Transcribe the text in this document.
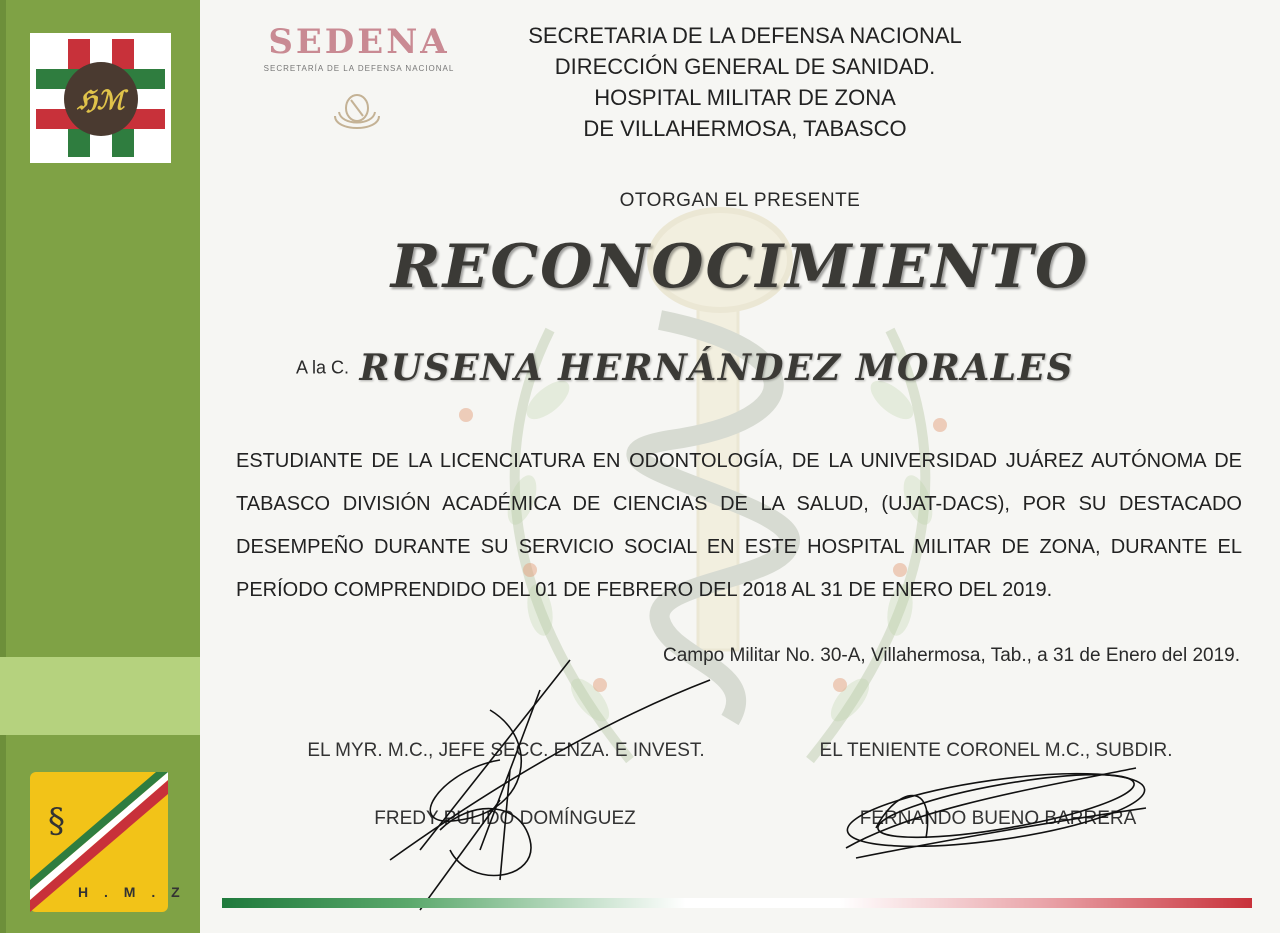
ℌℳ
§
H . M . Z
SEDENA
SECRETARÍA DE LA DEFENSA NACIONAL
SECRETARIA DE LA DEFENSA NACIONAL
DIRECCIÓN GENERAL DE SANIDAD.
HOSPITAL MILITAR DE ZONA
DE VILLAHERMOSA, TABASCO
OTORGAN EL PRESENTE
RECONOCIMIENTO
A la C. RUSENA HERNÁNDEZ MORALES
ESTUDIANTE DE LA LICENCIATURA EN ODONTOLOGÍA, DE LA UNIVERSIDAD JUÁREZ AUTÓNOMA DE TABASCO DIVISIÓN ACADÉMICA DE CIENCIAS DE LA SALUD, (UJAT-DACS), POR SU DESTACADO DESEMPEÑO DURANTE SU SERVICIO SOCIAL EN ESTE HOSPITAL MILITAR DE ZONA, DURANTE EL PERÍODO COMPRENDIDO DEL 01 DE FEBRERO DEL 2018 AL 31 DE ENERO DEL 2019.
Campo Militar No. 30-A, Villahermosa, Tab., a 31 de Enero del 2019.
EL MYR. M.C., JEFE SECC. ENZA. E INVEST.	EL TENIENTE CORONEL M.C., SUBDIR.
FREDY PULIDO DOMÍNGUEZ	FERNANDO BUENO BARRERA
